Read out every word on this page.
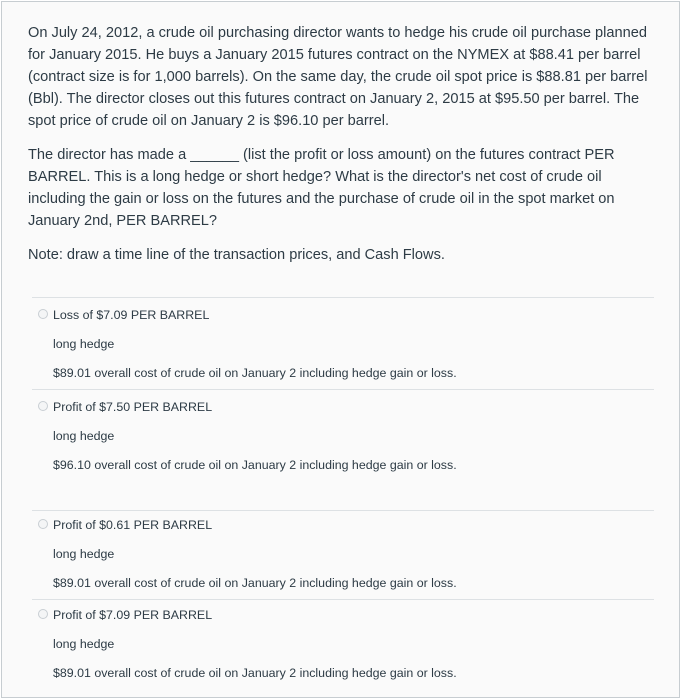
On July 24, 2012, a crude oil purchasing director wants to hedge his crude oil purchase planned for January 2015. He buys a January 2015 futures contract on the NYMEX at $88.41 per barrel (contract size is for 1,000 barrels). On the same day, the crude oil spot price is $88.81 per barrel (Bbl). The director closes out this futures contract on January 2, 2015 at $95.50 per barrel. The spot price of crude oil on January 2 is $96.10 per barrel.

The director has made a ______ (list the profit or loss amount) on the futures contract PER BARREL. This is a long hedge or short hedge? What is the director's net cost of crude oil including the gain or loss on the futures and the purchase of crude oil in the spot market on January 2nd, PER BARREL?

Note: draw a time line of the transaction prices, and Cash Flows.

Loss of $7.09 PER BARREL
long hedge
$89.01 overall cost of crude oil on January 2 including hedge gain or loss.
Profit of $7.50 PER BARREL
long hedge
$96.10 overall cost of crude oil on January 2 including hedge gain or loss.
Profit of $0.61 PER BARREL
long hedge
$89.01 overall cost of crude oil on January 2 including hedge gain or loss.
Profit of $7.09 PER BARREL
long hedge
$89.01 overall cost of crude oil on January 2 including hedge gain or loss.
